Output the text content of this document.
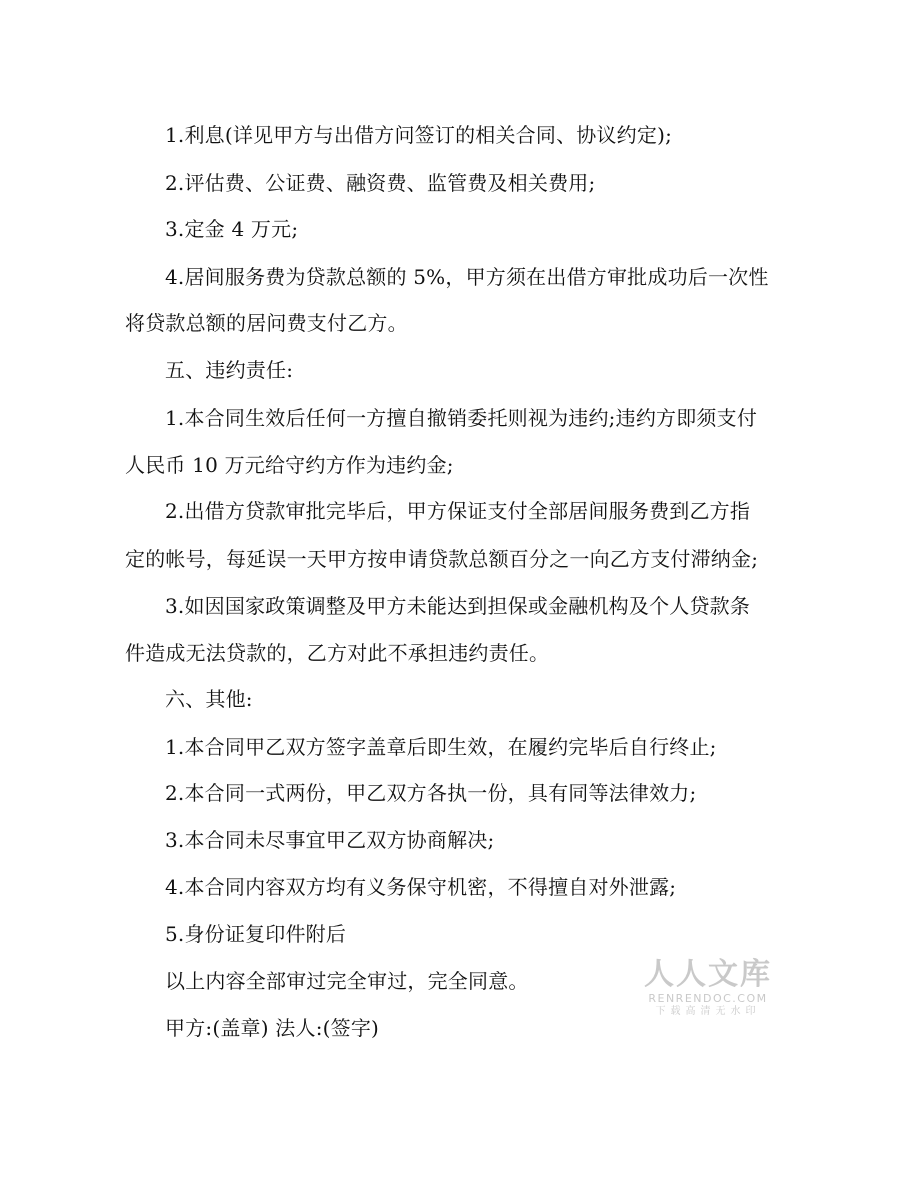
1.利息(详见甲方与出借方问签订的相关合同、协议约定);

2.评估费、公证费、融资费、监管费及相关费用;

3.定金 4 万元;

4.居间服务费为贷款总额的 5%，甲方须在出借方审批成功后一次性

将贷款总额的居问费支付乙方。

五、违约责任:

1.本合同生效后任何一方擅自撤销委托则视为违约;违约方即须支付

人民币 10 万元给守约方作为违约金;

2.出借方贷款审批完毕后，甲方保证支付全部居间服务费到乙方指

定的帐号，每延误一天甲方按申请贷款总额百分之一向乙方支付滞纳金;

3.如因国家政策调整及甲方未能达到担保或金融机构及个人贷款条

件造成无法贷款的，乙方对此不承担违约责任。

六、其他:

1.本合同甲乙双方签字盖章后即生效，在履约完毕后自行终止;

2.本合同一式两份，甲乙双方各执一份，具有同等法律效力;

3.本合同未尽事宜甲乙双方协商解决;

4.本合同内容双方均有义务保守机密，不得擅自对外泄露;

5.身份证复印件附后

以上内容全部审过完全审过，完全同意。

甲方:(盖章) 法人:(签字)

人人文库
RENRENDOC.COM
下载高清无水印
